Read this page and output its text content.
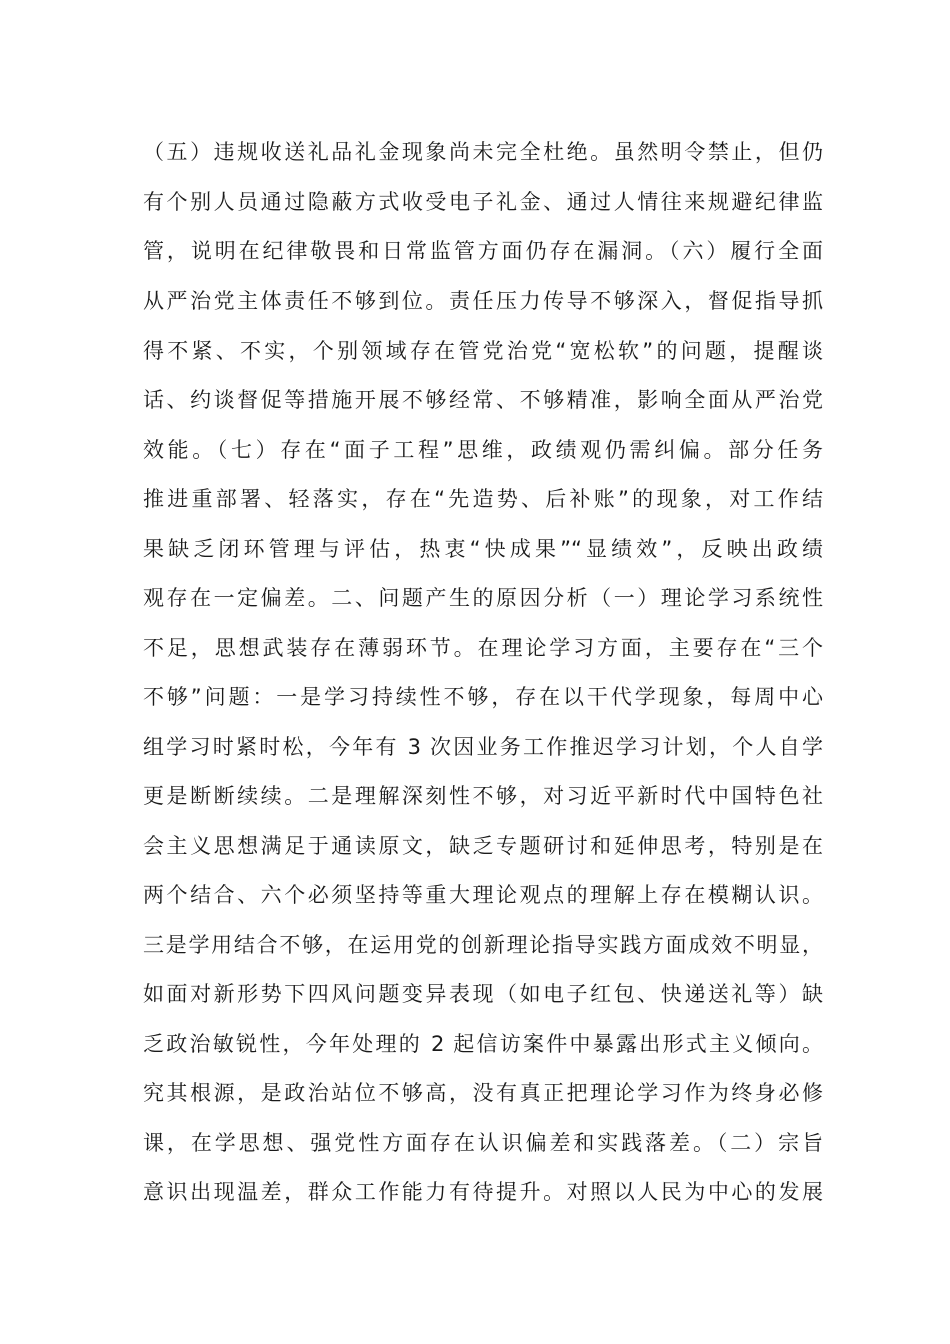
（五）违规收送礼品礼金现象尚未完全杜绝。虽然明令禁止，但仍
有个别人员通过隐蔽方式收受电子礼金、通过人情往来规避纪律监
管，说明在纪律敬畏和日常监管方面仍存在漏洞。（六）履行全面
从严治党主体责任不够到位。责任压力传导不够深入，督促指导抓
得不紧、不实，个别领域存在管党治党“宽松软”的问题，提醒谈
话、约谈督促等措施开展不够经常、不够精准，影响全面从严治党
效能。（七）存在“面子工程”思维，政绩观仍需纠偏。部分任务
推进重部署、轻落实，存在“先造势、后补账”的现象，对工作结
果缺乏闭环管理与评估，热衷“快成果”“显绩效”，反映出政绩
观存在一定偏差。二、问题产生的原因分析（一）理论学习系统性
不足，思想武装存在薄弱环节。在理论学习方面，主要存在“三个
不够”问题：一是学习持续性不够，存在以干代学现象，每周中心
组学习时紧时松，今年有 3 次因业务工作推迟学习计划，个人自学
更是断断续续。二是理解深刻性不够，对习近平新时代中国特色社
会主义思想满足于通读原文，缺乏专题研讨和延伸思考，特别是在
两个结合、六个必须坚持等重大理论观点的理解上存在模糊认识。
三是学用结合不够，在运用党的创新理论指导实践方面成效不明显，
如面对新形势下四风问题变异表现（如电子红包、快递送礼等）缺
乏政治敏锐性，今年处理的 2 起信访案件中暴露出形式主义倾向。
究其根源，是政治站位不够高，没有真正把理论学习作为终身必修
课，在学思想、强党性方面存在认识偏差和实践落差。（二）宗旨
意识出现温差，群众工作能力有待提升。对照以人民为中心的发展
